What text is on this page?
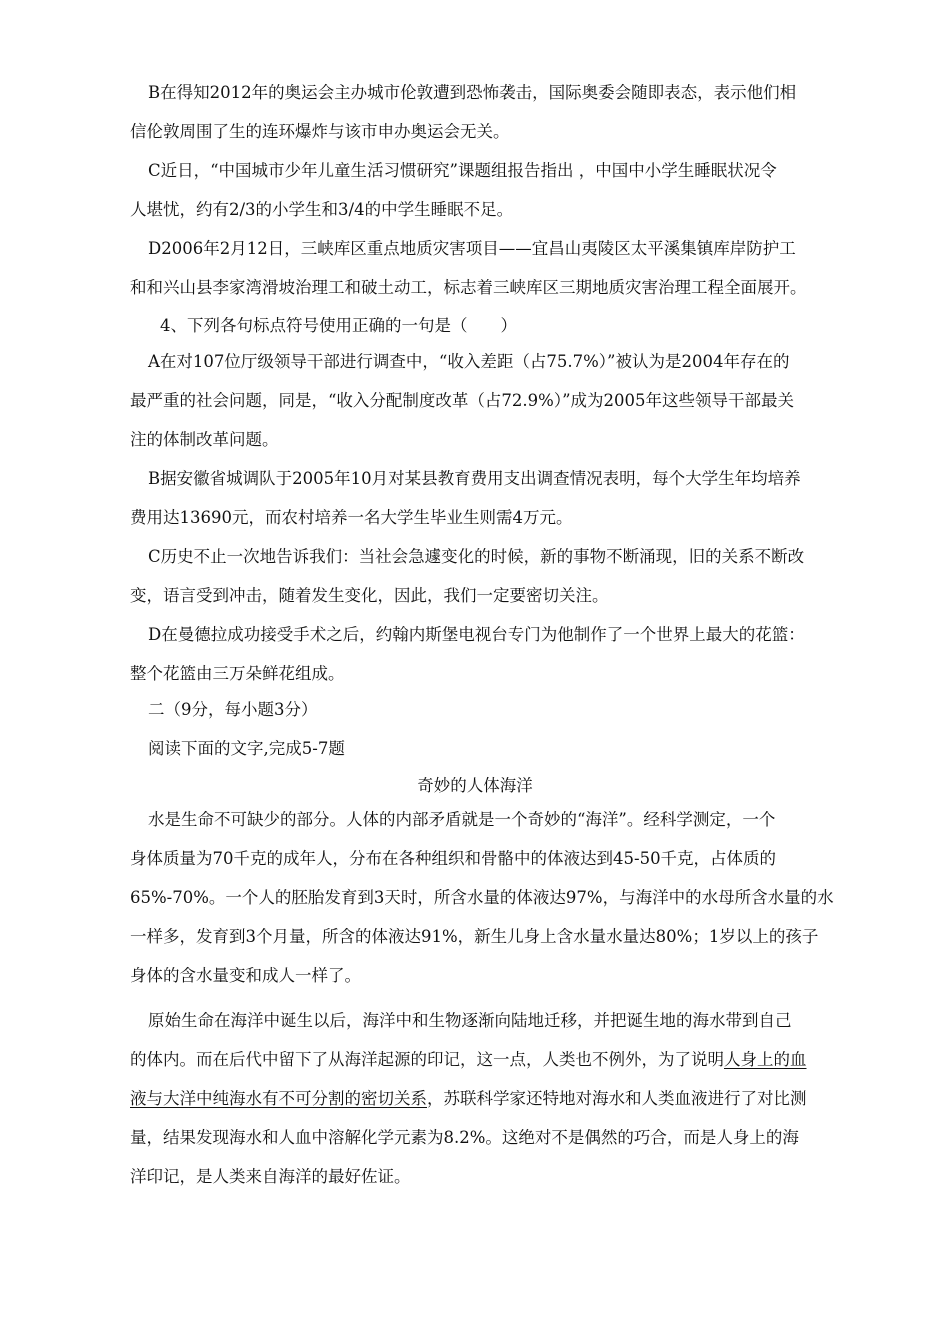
B在得知2012年的奥运会主办城市伦敦遭到恐怖袭击，国际奥委会随即表态，表示他们相
信伦敦周围了生的连环爆炸与该市申办奥运会无关。
C近日，“中国城市少年儿童生活习惯研究”课题组报告指出 ，中国中小学生睡眠状况令
人堪忧，约有2/3的小学生和3/4的中学生睡眠不足。
D2006年2月12日，三峡库区重点地质灾害项目——宜昌山夷陵区太平溪集镇库岸防护工
和和兴山县李家湾滑坡治理工和破土动工，标志着三峡库区三期地质灾害治理工程全面展开。
4、下列各句标点符号使用正确的一句是（　　）
A在对107位厅级领导干部进行调查中，“收入差距（占75.7%）”被认为是2004年存在的
最严重的社会问题，同是，“收入分配制度改革（占72.9%）”成为2005年这些领导干部最关
注的体制改革问题。
B据安徽省城调队于2005年10月对某县教育费用支出调查情况表明，每个大学生年均培养
费用达13690元，而农村培养一名大学生毕业生则需4万元。
C历史不止一次地告诉我们：当社会急遽变化的时候，新的事物不断涌现，旧的关系不断改
变，语言受到冲击，随着发生变化，因此，我们一定要密切关注。
D在曼德拉成功接受手术之后，约翰内斯堡电视台专门为他制作了一个世界上最大的花篮：
整个花篮由三万朵鲜花组成。
二（9分，每小题3分）
阅读下面的文字,完成5-7题
奇妙的人体海洋
水是生命不可缺少的部分。人体的内部矛盾就是一个奇妙的“海洋”。经科学测定，一个
身体质量为70千克的成年人，分布在各种组织和骨骼中的体液达到45-50千克，占体质的
65%-70%。一个人的胚胎发育到3天时，所含水量的体液达97%，与海洋中的水母所含水量的水
一样多，发育到3个月量，所含的体液达91%，新生儿身上含水量水量达80%；1岁以上的孩子
身体的含水量变和成人一样了。
原始生命在海洋中诞生以后，海洋中和生物逐渐向陆地迁移，并把诞生地的海水带到自己
的体内。而在后代中留下了从海洋起源的印记，这一点，人类也不例外，为了说明人身上的血
液与大洋中纯海水有不可分割的密切关系，苏联科学家还特地对海水和人类血液进行了对比测
量，结果发现海水和人血中溶解化学元素为8.2%。这绝对不是偶然的巧合，而是人身上的海
洋印记，是人类来自海洋的最好佐证。
